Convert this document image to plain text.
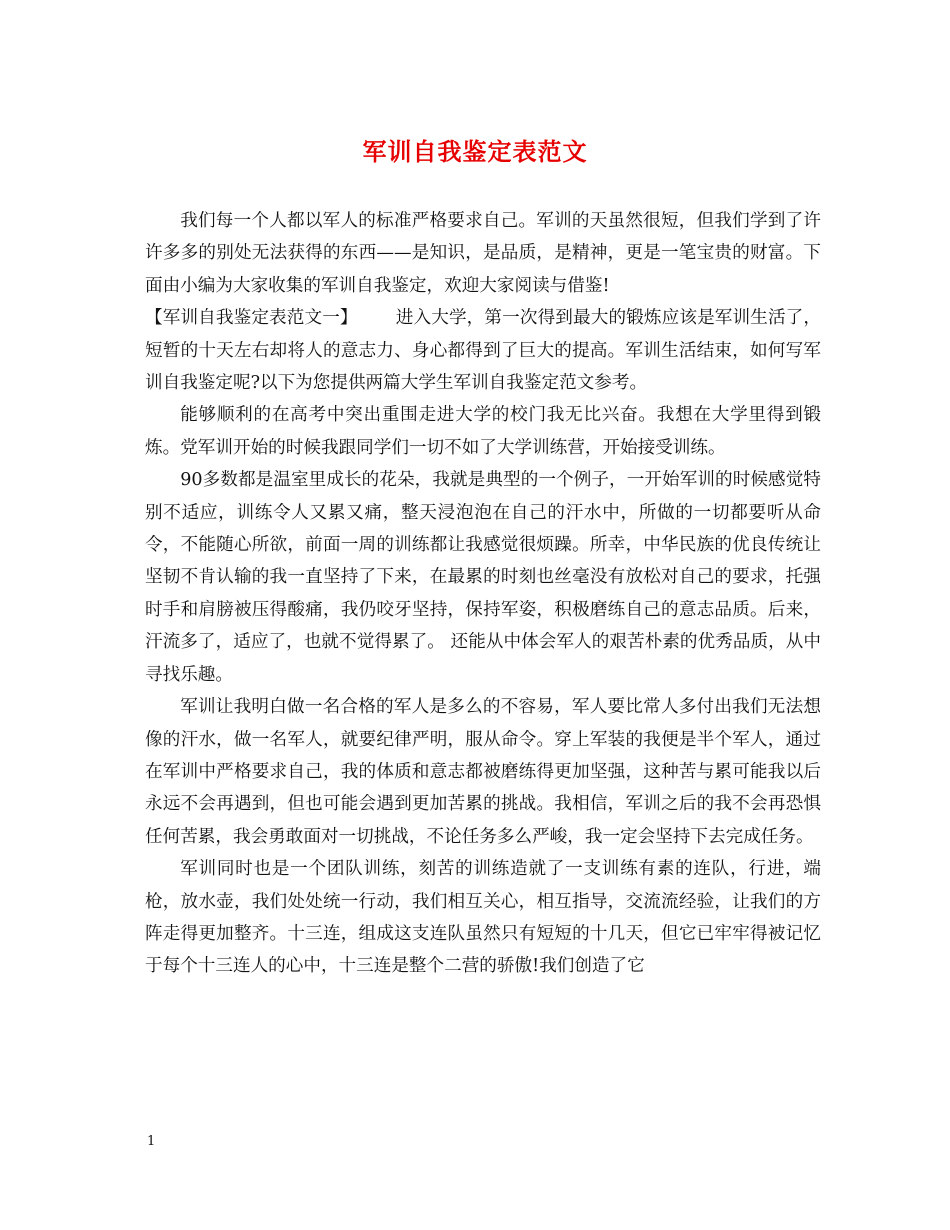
军训自我鉴定表范文

我们每一个人都以军人的标准严格要求自己。军训的天虽然很短，但我们学到了许许多多的别处无法获得的东西——是知识，是品质，是精神，更是一笔宝贵的财富。下面由小编为大家收集的军训自我鉴定，欢迎大家阅读与借鉴!

【军训自我鉴定表范文一】 进入大学，第一次得到最大的锻炼应该是军训生活了，短暂的十天左右却将人的意志力、身心都得到了巨大的提高。军训生活结束，如何写军训自我鉴定呢?以下为您提供两篇大学生军训自我鉴定范文参考。

能够顺利的在高考中突出重围走进大学的校门我无比兴奋。我想在大学里得到锻炼。党军训开始的时候我跟同学们一切不如了大学训练营，开始接受训练。

90多数都是温室里成长的花朵，我就是典型的一个例子，一开始军训的时候感觉特别不适应，训练令人又累又痛，整天浸泡泡在自己的汗水中，所做的一切都要听从命令，不能随心所欲，前面一周的训练都让我感觉很烦躁。所幸，中华民族的优良传统让坚韧不肯认输的我一直坚持了下来，在最累的时刻也丝毫没有放松对自己的要求，托强时手和肩膀被压得酸痛，我仍咬牙坚持，保持军姿，积极磨练自己的意志品质。后来，汗流多了，适应了，也就不觉得累了。 还能从中体会军人的艰苦朴素的优秀品质，从中寻找乐趣。

军训让我明白做一名合格的军人是多么的不容易，军人要比常人多付出我们无法想像的汗水，做一名军人，就要纪律严明，服从命令。穿上军装的我便是半个军人，通过在军训中严格要求自己，我的体质和意志都被磨练得更加坚强，这种苦与累可能我以后永远不会再遇到，但也可能会遇到更加苦累的挑战。我相信，军训之后的我不会再恐惧任何苦累，我会勇敢面对一切挑战，不论任务多么严峻，我一定会坚持下去完成任务。

军训同时也是一个团队训练，刻苦的训练造就了一支训练有素的连队，行进，端枪，放水壶，我们处处统一行动，我们相互关心，相互指导，交流流经验，让我们的方阵走得更加整齐。十三连，组成这支连队虽然只有短短的十几天，但它已牢牢得被记忆于每个十三连人的心中，十三连是整个二营的骄傲!我们创造了它

1
